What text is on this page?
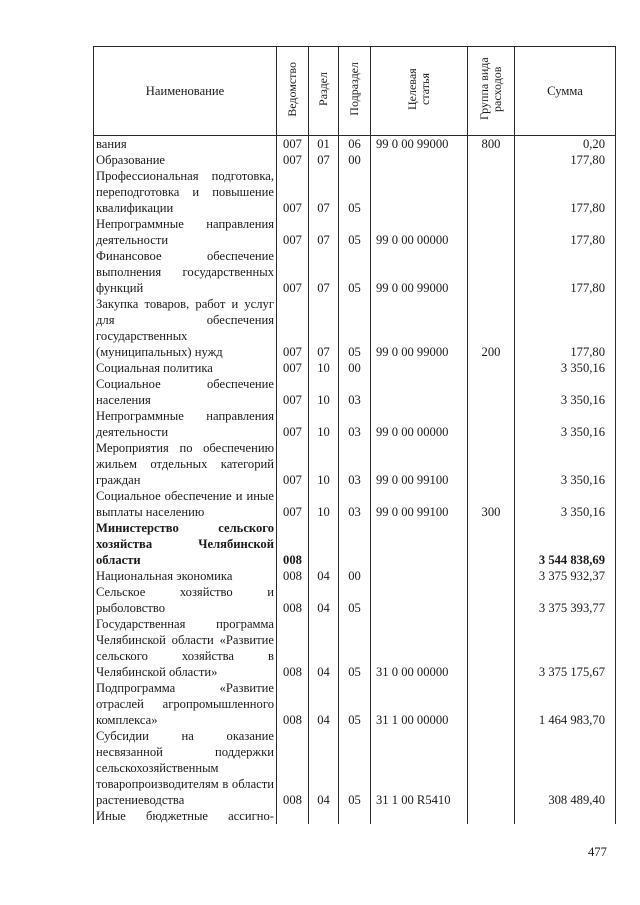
Наименование	Ведомство	Раздел	Подраздел	Целевая статья	Группа вида расходов	Сумма
вания	007	01	06	99 0 00 99000	800	0,20
Образование	007	07	00			177,80
Профессиональная подготовка, переподготовка и повышение квалификации	007	07	05			177,80
Непрограммные направления деятельности	007	07	05	99 0 00 00000		177,80
Финансовое обеспечение выполнения государственных функций	007	07	05	99 0 00 99000		177,80
Закупка товаров, работ и услуг для обеспечения государственных (муниципальных) нужд	007	07	05	99 0 00 99000	200	177,80
Социальная политика	007	10	00			3 350,16
Социальное обеспечение населения	007	10	03			3 350,16
Непрограммные направления деятельности	007	10	03	99 0 00 00000		3 350,16
Мероприятия по обеспечению жильем отдельных категорий граждан	007	10	03	99 0 00 99100		3 350,16
Социальное обеспечение и иные выплаты населению	007	10	03	99 0 00 99100	300	3 350,16
Министерство сельского хозяйства Челябинской области	008					3 544 838,69
Национальная экономика	008	04	00			3 375 932,37
Сельское хозяйство и рыболовство	008	04	05			3 375 393,77
Государственная программа Челябинской области «Развитие сельского хозяйства в Челябинской области»	008	04	05	31 0 00 00000		3 375 175,67
Подпрограмма «Развитие отраслей агропромышленного комплекса»	008	04	05	31 1 00 00000		1 464 983,70
Субсидии на оказание несвязанной поддержки сельскохозяйственным товаропроизводителям в области растениеводства	008	04	05	31 1 00 R5410		308 489,40
Иные бюджетные ассигно-						
477
